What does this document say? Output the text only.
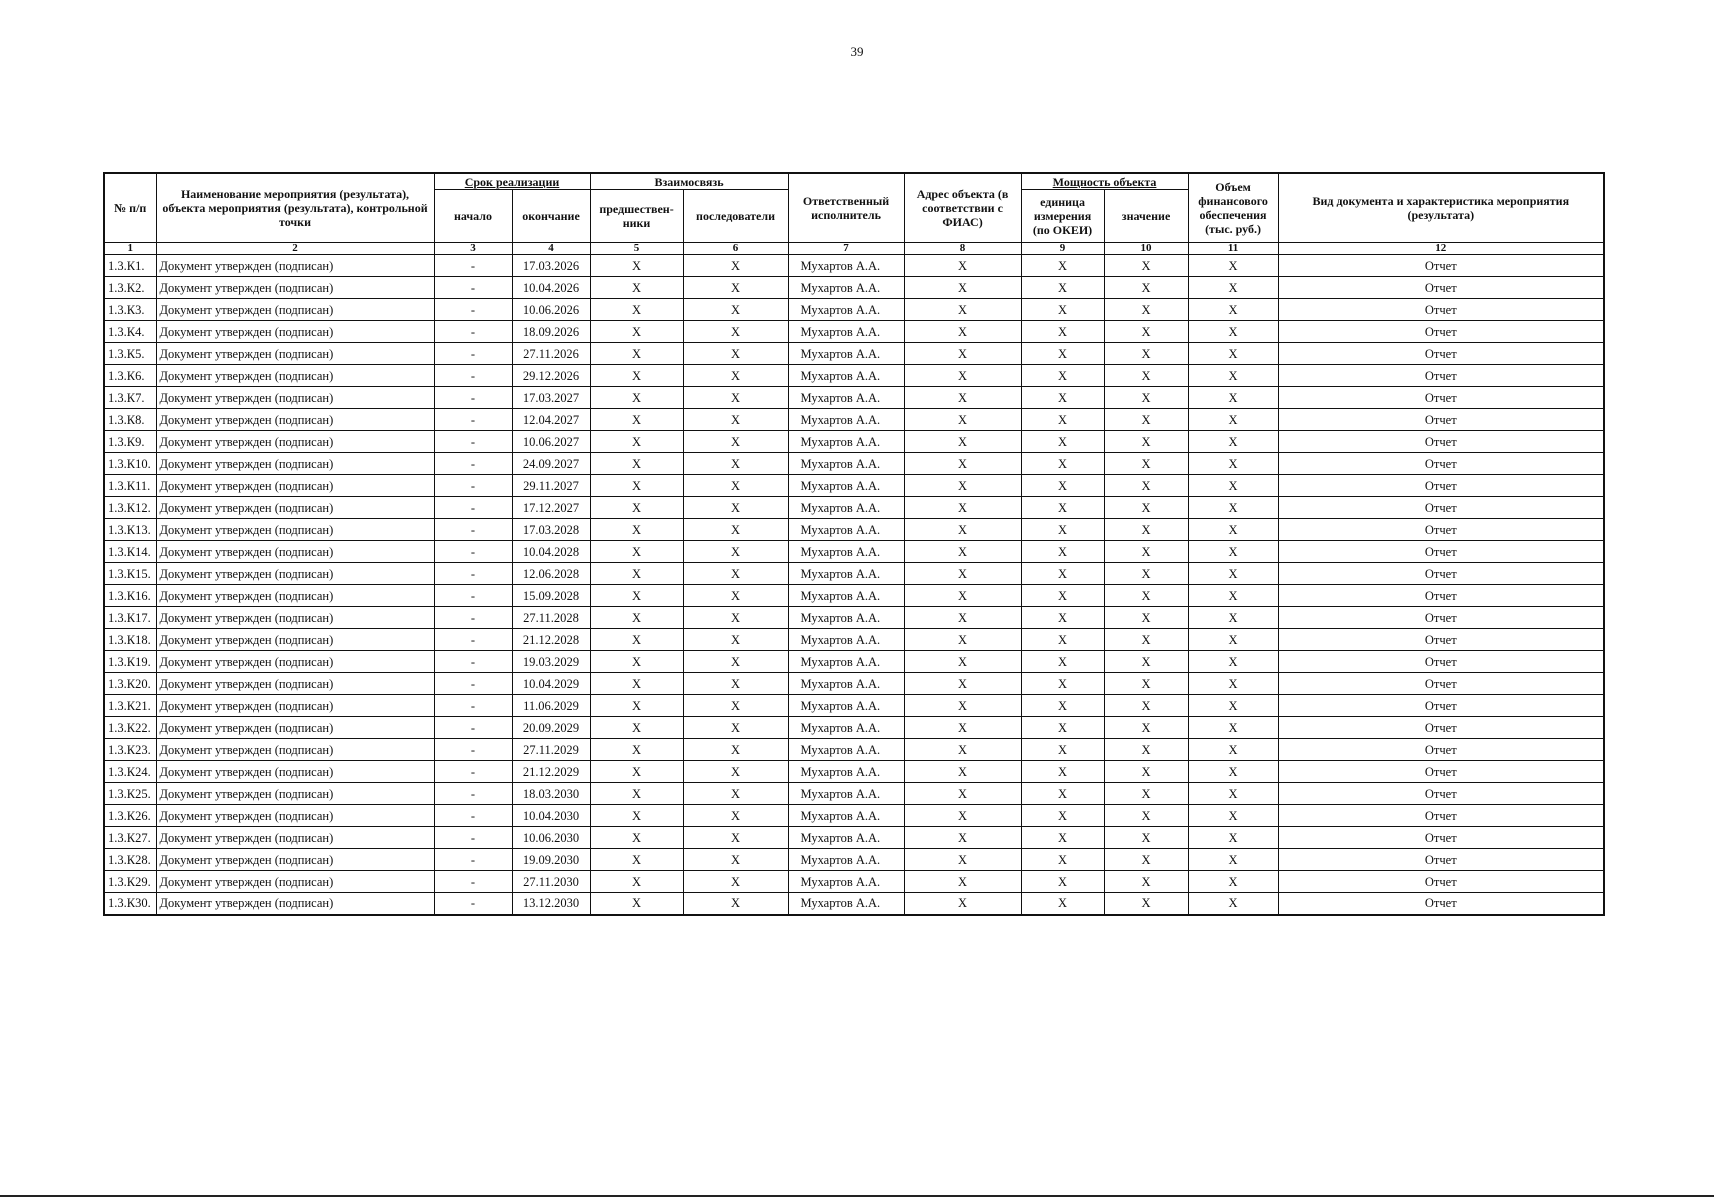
39
№ п/п	Наименование мероприятия (результата), объекта мероприятия (результата), контрольной точки	Срок реализации		Взаимосвязь		Ответственный исполнитель	Адрес объекта (в соответствии с ФИАС)	Мощность объекта		Объем финансового обеспечения (тыс. руб.)	Вид документа и характеристика мероприятия (результата)
		начало	окончание	предшествен-ники	последователи			единица измерения (по ОКЕИ)	значение		
1	2	3	4	5	6	7	8	9	10	11	12
1.3.К1.	Документ утвержден (подписан)	-	17.03.2026	X	X	Мухартов А.А.	X	X	X	X	Отчет
1.3.К2.	Документ утвержден (подписан)	-	10.04.2026	X	X	Мухартов А.А.	X	X	X	X	Отчет
1.3.К3.	Документ утвержден (подписан)	-	10.06.2026	X	X	Мухартов А.А.	X	X	X	X	Отчет
1.3.К4.	Документ утвержден (подписан)	-	18.09.2026	X	X	Мухартов А.А.	X	X	X	X	Отчет
1.3.К5.	Документ утвержден (подписан)	-	27.11.2026	X	X	Мухартов А.А.	X	X	X	X	Отчет
1.3.К6.	Документ утвержден (подписан)	-	29.12.2026	X	X	Мухартов А.А.	X	X	X	X	Отчет
1.3.К7.	Документ утвержден (подписан)	-	17.03.2027	X	X	Мухартов А.А.	X	X	X	X	Отчет
1.3.К8.	Документ утвержден (подписан)	-	12.04.2027	X	X	Мухартов А.А.	X	X	X	X	Отчет
1.3.К9.	Документ утвержден (подписан)	-	10.06.2027	X	X	Мухартов А.А.	X	X	X	X	Отчет
1.3.К10.	Документ утвержден (подписан)	-	24.09.2027	X	X	Мухартов А.А.	X	X	X	X	Отчет
1.3.К11.	Документ утвержден (подписан)	-	29.11.2027	X	X	Мухартов А.А.	X	X	X	X	Отчет
1.3.К12.	Документ утвержден (подписан)	-	17.12.2027	X	X	Мухартов А.А.	X	X	X	X	Отчет
1.3.К13.	Документ утвержден (подписан)	-	17.03.2028	X	X	Мухартов А.А.	X	X	X	X	Отчет
1.3.К14.	Документ утвержден (подписан)	-	10.04.2028	X	X	Мухартов А.А.	X	X	X	X	Отчет
1.3.К15.	Документ утвержден (подписан)	-	12.06.2028	X	X	Мухартов А.А.	X	X	X	X	Отчет
1.3.К16.	Документ утвержден (подписан)	-	15.09.2028	X	X	Мухартов А.А.	X	X	X	X	Отчет
1.3.К17.	Документ утвержден (подписан)	-	27.11.2028	X	X	Мухартов А.А.	X	X	X	X	Отчет
1.3.К18.	Документ утвержден (подписан)	-	21.12.2028	X	X	Мухартов А.А.	X	X	X	X	Отчет
1.3.К19.	Документ утвержден (подписан)	-	19.03.2029	X	X	Мухартов А.А.	X	X	X	X	Отчет
1.3.К20.	Документ утвержден (подписан)	-	10.04.2029	X	X	Мухартов А.А.	X	X	X	X	Отчет
1.3.К21.	Документ утвержден (подписан)	-	11.06.2029	X	X	Мухартов А.А.	X	X	X	X	Отчет
1.3.К22.	Документ утвержден (подписан)	-	20.09.2029	X	X	Мухартов А.А.	X	X	X	X	Отчет
1.3.К23.	Документ утвержден (подписан)	-	27.11.2029	X	X	Мухартов А.А.	X	X	X	X	Отчет
1.3.К24.	Документ утвержден (подписан)	-	21.12.2029	X	X	Мухартов А.А.	X	X	X	X	Отчет
1.3.К25.	Документ утвержден (подписан)	-	18.03.2030	X	X	Мухартов А.А.	X	X	X	X	Отчет
1.3.К26.	Документ утвержден (подписан)	-	10.04.2030	X	X	Мухартов А.А.	X	X	X	X	Отчет
1.3.К27.	Документ утвержден (подписан)	-	10.06.2030	X	X	Мухартов А.А.	X	X	X	X	Отчет
1.3.К28.	Документ утвержден (подписан)	-	19.09.2030	X	X	Мухартов А.А.	X	X	X	X	Отчет
1.3.К29.	Документ утвержден (подписан)	-	27.11.2030	X	X	Мухартов А.А.	X	X	X	X	Отчет
1.3.К30.	Документ утвержден (подписан)	-	13.12.2030	X	X	Мухартов А.А.	X	X	X	X	Отчет
